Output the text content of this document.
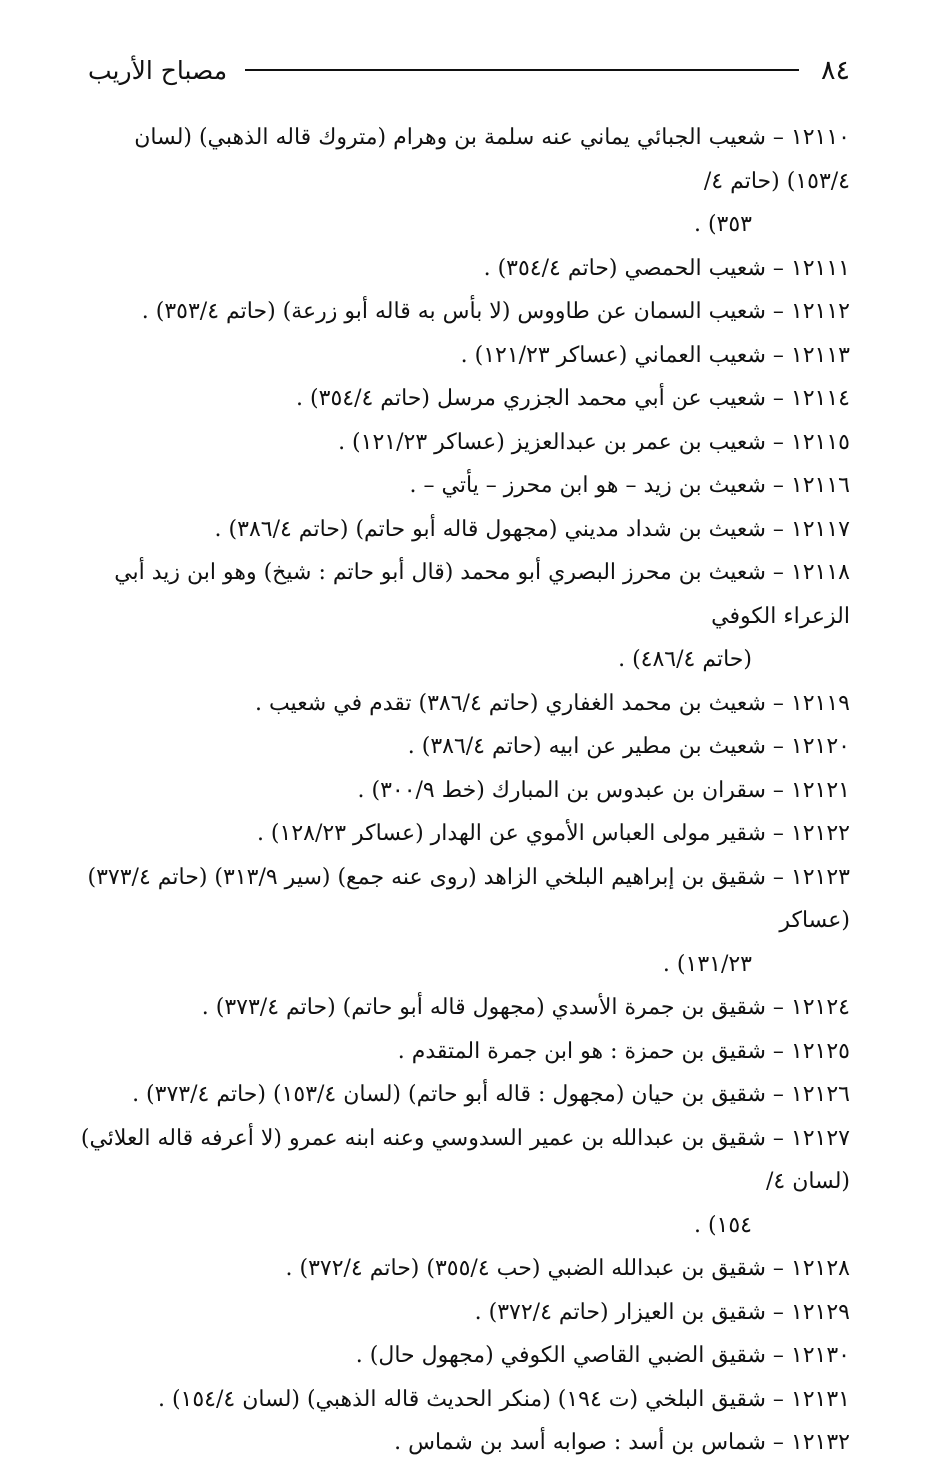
٨٤
مصباح الأريب

١٢١١٠ – شعيب الجبائي يماني عنه سلمة بن وهرام (متروك قاله الذهبي) (لسان ١٥٣/٤) (حاتم ٤/
٣٥٣) .

١٢١١١ – شعيب الحمصي (حاتم ٣٥٤/٤) .

١٢١١٢ – شعيب السمان عن طاووس (لا بأس به قاله أبو زرعة) (حاتم ٣٥٣/٤) .

١٢١١٣ – شعيب العماني (عساكر ١٢١/٢٣) .

١٢١١٤ – شعيب عن أبي محمد الجزري مرسل (حاتم ٣٥٤/٤) .

١٢١١٥ – شعيب بن عمر بن عبدالعزيز (عساكر ١٢١/٢٣) .

١٢١١٦ – شعيث بن زيد – هو ابن محرز – يأتي – .

١٢١١٧ – شعيث بن شداد مديني (مجهول قاله أبو حاتم) (حاتم ٣٨٦/٤) .

١٢١١٨ – شعيث بن محرز البصري أبو محمد (قال أبو حاتم : شيخ) وهو ابن زيد أبي الزعراء الكوفي
(حاتم ٤٨٦/٤) .

١٢١١٩ – شعيث بن محمد الغفاري (حاتم ٣٨٦/٤) تقدم في شعيب .

١٢١٢٠ – شعيث بن مطير عن ابيه (حاتم ٣٨٦/٤) .

١٢١٢١ – سقران بن عبدوس بن المبارك (خط ٣٠٠/٩) .

١٢١٢٢ – شقير مولى العباس الأموي عن الهدار (عساكر ١٢٨/٢٣) .

١٢١٢٣ – شقيق بن إبراهيم البلخي الزاهد (روى عنه جمع) (سير ٣١٣/٩) (حاتم ٣٧٣/٤) (عساكر
١٣١/٢٣) .

١٢١٢٤ – شقيق بن جمرة الأسدي (مجهول قاله أبو حاتم) (حاتم ٣٧٣/٤) .

١٢١٢٥ – شقيق بن حمزة : هو ابن جمرة المتقدم .

١٢١٢٦ – شقيق بن حيان (مجهول : قاله أبو حاتم) (لسان ١٥٣/٤) (حاتم ٣٧٣/٤) .

١٢١٢٧ – شقيق بن عبدالله بن عمير السدوسي وعنه ابنه عمرو (لا أعرفه قاله العلائي) (لسان ٤/
١٥٤) .

١٢١٢٨ – شقيق بن عبدالله الضبي (حب ٣٥٥/٤) (حاتم ٣٧٢/٤) .

١٢١٢٩ – شقيق بن العيزار (حاتم ٣٧٢/٤) .

١٢١٣٠ – شقيق الضبي القاصي الكوفي (مجهول حال) .

١٢١٣١ – شقيق البلخي (ت ١٩٤) (منكر الحديث قاله الذهبي) (لسان ١٥٤/٤) .

١٢١٣٢ – شماس بن أسد : صوابه أسد بن شماس .
